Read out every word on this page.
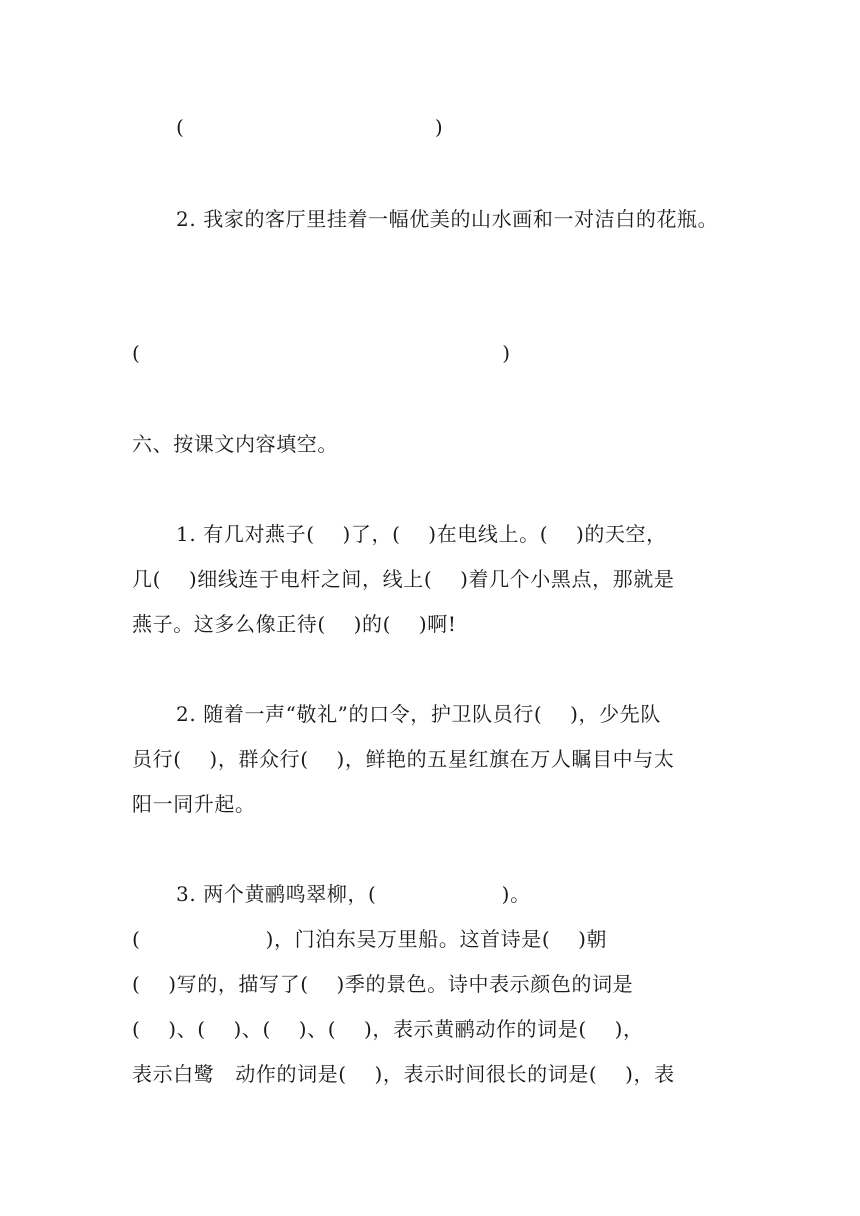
(                                    )
2. 我家的客厅里挂着一幅优美的山水画和一对洁白的花瓶。
(                                                    )
六、按课文内容填空。
1. 有几对燕子(    )了，(    )在电线上。(    )的天空，
几(    )细线连于电杆之间，线上(    )着几个小黑点，那就是
燕子。这多么像正待(    )的(    )啊!
2. 随着一声“敬礼”的口令，护卫队员行(    )，少先队
员行(    )，群众行(    )，鲜艳的五星红旗在万人瞩目中与太
阳一同升起。
3. 两个黄鹂鸣翠柳，(                  )。
(                  )，门泊东吴万里船。这首诗是(    )朝
(    )写的，描写了(    )季的景色。诗中表示颜色的词是
(    )、(    )、(    )、(    )，表示黄鹂动作的词是(    )，
表示白鹭   动作的词是(    )，表示时间很长的词是(    )，表
